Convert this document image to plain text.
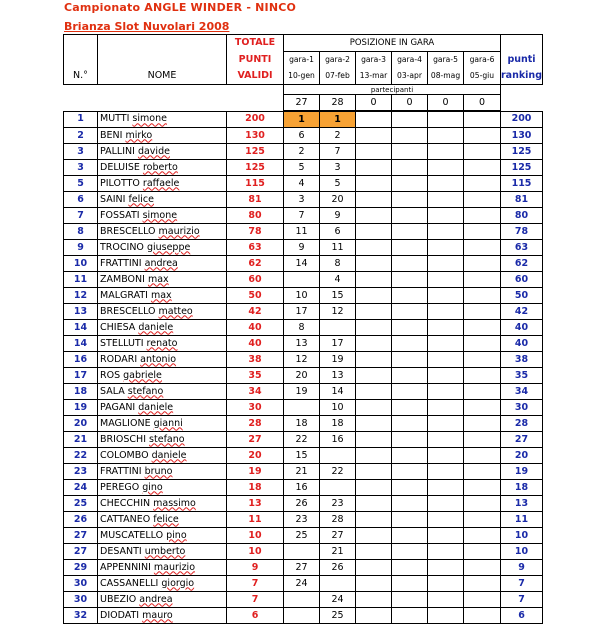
Campionato ANGLE WINDER - NINCO
Brianza Slot Nuvolari 2008
		TOTALE	POSIZIONE IN GARA						
		PUNTI	gara-1	gara-2	gara-3	gara-4	gara-5	gara-6	punti
N.°	NOME	VALIDI	10-gen	07-feb	13-mar	03-apr	08-mag	05-giu	ranking
			partecipanti						
			27	28	0	0	0	0	
1	MUTTI simone	200	1	1					200
2	BENI mirko	130	6	2					130
3	PALLINI davide	125	2	7					125
3	DELUISE roberto	125	5	3					125
5	PILOTTO raffaele	115	4	5					115
6	SAINI felice	81	3	20					81
7	FOSSATI simone	80	7	9					80
8	BRESCELLO maurizio	78	11	6					78
9	TROCINO giuseppe	63	9	11					63
10	FRATTINI andrea	62	14	8					62
11	ZAMBONI max	60		4					60
12	MALGRATI max	50	10	15					50
13	BRESCELLO matteo	42	17	12					42
14	CHIESA daniele	40	8						40
14	STELLUTI renato	40	13	17					40
16	RODARI antonio	38	12	19					38
17	ROS gabriele	35	20	13					35
18	SALA stefano	34	19	14					34
19	PAGANI daniele	30		10					30
20	MAGLIONE gianni	28	18	18					28
21	BRIOSCHI stefano	27	22	16					27
22	COLOMBO daniele	20	15						20
23	FRATTINI bruno	19	21	22					19
24	PEREGO gino	18	16						18
25	CHECCHIN massimo	13	26	23					13
26	CATTANEO felice	11	23	28					11
27	MUSCATELLO pino	10	25	27					10
27	DESANTI umberto	10		21					10
29	APPENNINI maurizio	9	27	26					9
30	CASSANELLI giorgio	7	24						7
30	UBEZIO andrea	7		24					7
32	DIODATI mauro	6		25					6
